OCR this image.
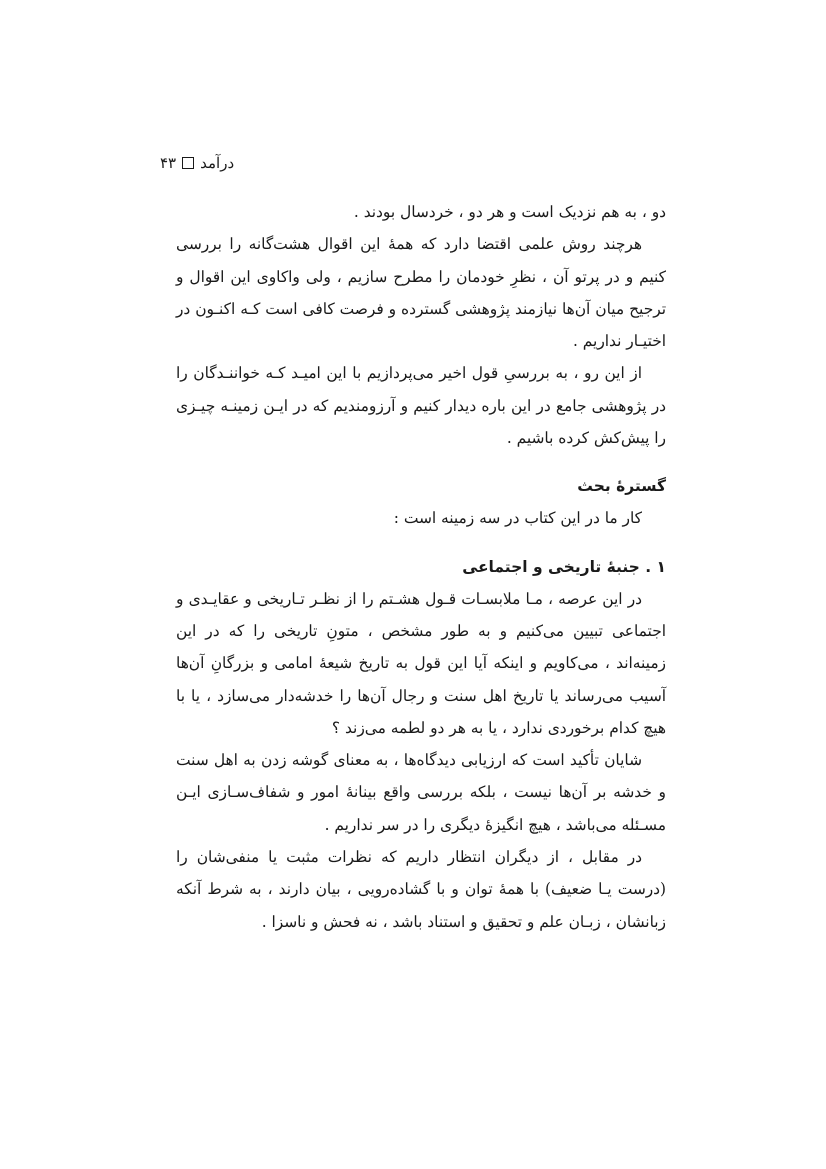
۴۳ درآمد

دو ، به هم نزدیک است و هر دو ، خردسال بودند .

هرچند روش علمی اقتضا دارد که همهٔ این اقوال هشت‌گانه را بررسی کنیم و در پرتو آن ، نظرِ خودمان را مطرح سازیم ، ولی واکاوی این اقوال و ترجیح میان آن‌ها نیازمند پژوهشی گسترده و فرصت کافی است کـه اکنـون در اختیـار نداریم .

از این رو ، به بررسیِ قول اخیر می‌پردازیم با این امیـد کـه خواننـدگان را در پژوهشی جامع در این باره دیدار کنیم و آرزومندیم که در ایـن زمینـه چیـزی را پیش‌کش کرده باشیم .

گسترهٔ بحث

کار ما در این کتاب در سه زمینه است :

۱ . جنبهٔ تاریخی و اجتماعی

در این عرصه ، مـا ملابسـات قـول هشـتم را از نظـر تـاریخی و عقایـدی و اجتماعی تبیین می‌کنیم و به طور مشخص ، متونِ تاریخی را که در این زمینه‌اند ، می‌کاویم و اینکه آیا این قول به تاریخ شیعهٔ امامی و بزرگانِ آن‌ها آسیب می‌رساند یا تاریخ اهل سنت و رجال آن‌ها را خدشه‌دار می‌سازد ، یا با هیچ کدام برخوردی ندارد ، یا به هر دو لطمه می‌زند ؟

شایان تأکید است که ارزیابی دیدگاه‌ها ، به معنای گوشه زدن به اهل سنت و خدشه بر آن‌ها نیست ، بلکه بررسی واقع بینانهٔ امور و شفاف‌سـازی ایـن مسـئله می‌باشد ، هیچ انگیزهٔ دیگری را در سر نداریم .

در مقابل ، از دیگران انتظار داریم که نظرات مثبت یا منفی‌شان را (درست یـا ضعیف) با همهٔ توان و با گشاده‌رویی ، بیان دارند ، به شرط آنکه زبانشان ، زبـان علم و تحقیق و استناد باشد ، نه فحش و ناسزا .
